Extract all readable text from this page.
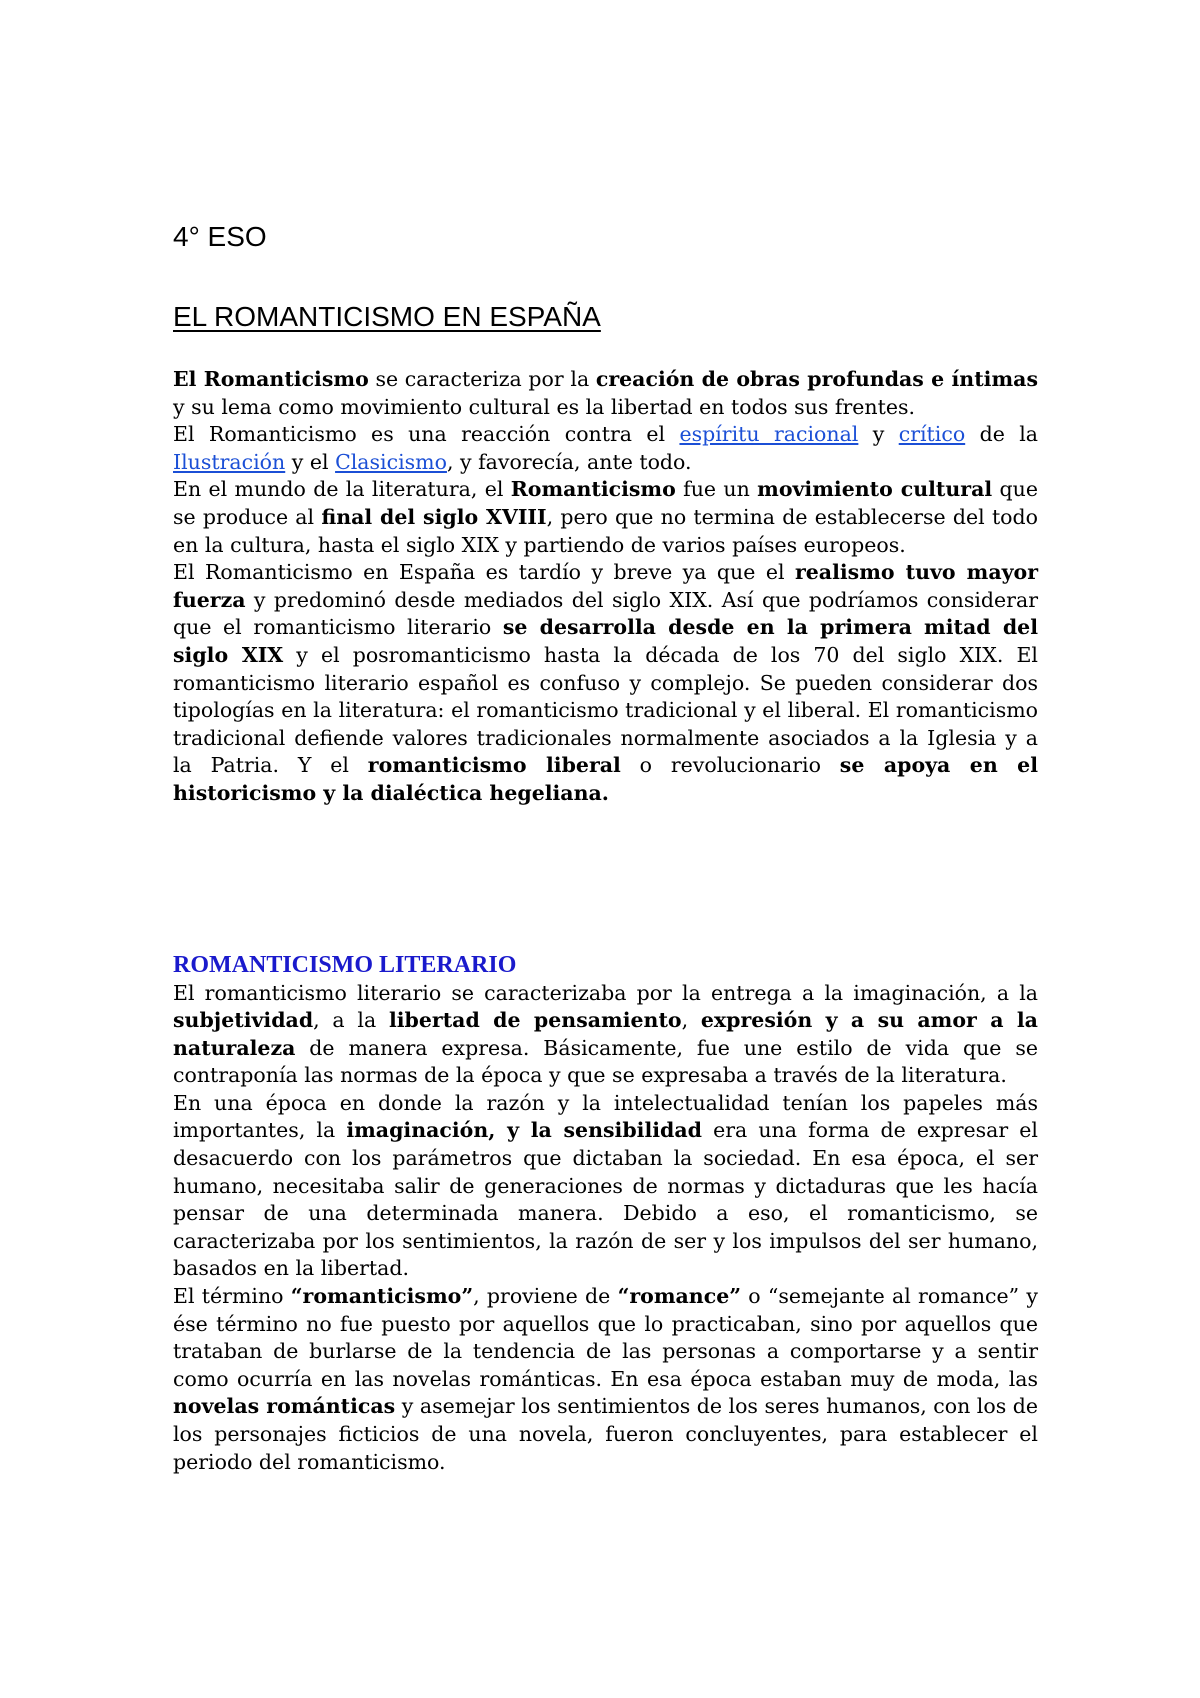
4° ESO
EL ROMANTICISMO EN ESPAÑA

El Romanticismo se caracteriza por la creación de obras profundas e íntimas y su lema como movimiento cultural es la libertad en todos sus frentes.

El Romanticismo es una reacción contra el espíritu racional y crítico de la Ilustración y el Clasicismo, y favorecía, ante todo.

En el mundo de la literatura, el Romanticismo fue un movimiento cultural que se produce al final del siglo XVIII, pero que no termina de establecerse del todo en la cultura, hasta el siglo XIX y partiendo de varios países europeos.

El Romanticismo en España es tardío y breve ya que el realismo tuvo mayor fuerza y predominó desde mediados del siglo XIX. Así que podríamos considerar que el romanticismo literario se desarrolla desde en la primera mitad del siglo XIX y el posromanticismo hasta la década de los 70 del siglo XIX. El romanticismo literario español es confuso y complejo. Se pueden considerar dos tipologías en la literatura: el romanticismo tradicional y el liberal. El romanticismo tradicional defiende valores tradicionales normalmente asociados a la Iglesia y a la Patria. Y el romanticismo liberal o revolucionario se apoya en el historicismo y la dialéctica hegeliana.

ROMANTICISMO LITERARIO

El romanticismo literario se caracterizaba por la entrega a la imaginación, a la subjetividad, a la libertad de pensamiento, expresión y a su amor a la naturaleza de manera expresa. Básicamente, fue une estilo de vida que se contraponía las normas de la época y que se expresaba a través de la literatura.

En una época en donde la razón y la intelectualidad tenían los papeles más importantes, la imaginación, y la sensibilidad era una forma de expresar el desacuerdo con los parámetros que dictaban la sociedad. En esa época, el ser humano, necesitaba salir de generaciones de normas y dictaduras que les hacía pensar de una determinada manera. Debido a eso, el romanticismo, se caracterizaba por los sentimientos, la razón de ser y los impulsos del ser humano, basados en la libertad.

El término “romanticismo”, proviene de “romance” o “semejante al romance” y ése término no fue puesto por aquellos que lo practicaban, sino por aquellos que trataban de burlarse de la tendencia de las personas a comportarse y a sentir como ocurría en las novelas románticas. En esa época estaban muy de moda, las novelas románticas y asemejar los sentimientos de los seres humanos, con los de los personajes ficticios de una novela, fueron concluyentes, para establecer el periodo del romanticismo.
